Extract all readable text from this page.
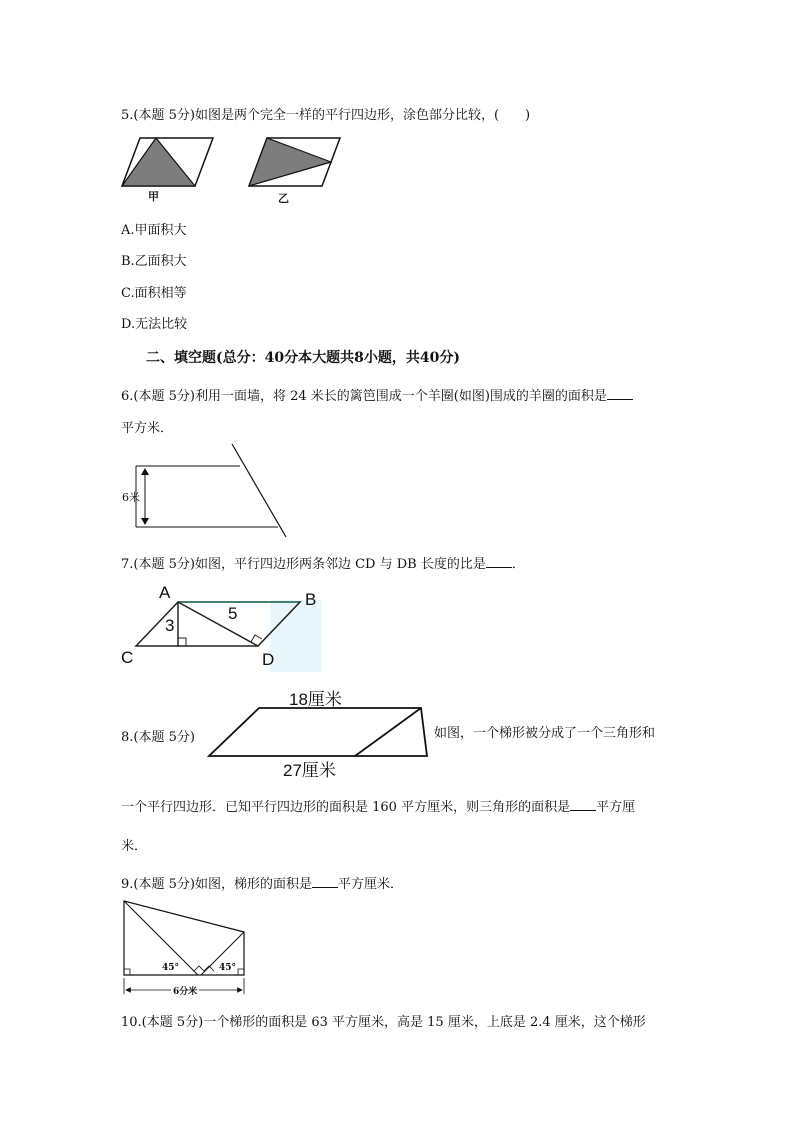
5.(本题 5分)如图是两个完全一样的平行四边形，涂色部分比较，(　　)
甲	乙
A.甲面积大
B.乙面积大
C.面积相等
D.无法比较
二、填空题(总分：40分本大题共8小题，共40分)
6.(本题 5分)利用一面墙，将 24 米长的篱笆围成一个羊圈(如图)围成的羊圈的面积是
平方米．
6米
7.(本题 5分)如图，平行四边形两条邻边 CD 与 DB 长度的比是 ．
A	B
C	D
3
5
18厘米
8.(本题 5分)	如图，一个梯形被分成了一个三角形和
27厘米
一个平行四边形．已知平行四边形的面积是 160 平方厘米，则三角形的面积是 平方厘
米．
9.(本题 5分)如图，梯形的面积是 平方厘米．
45°	45°
6分米
10.(本题 5分)一个梯形的面积是 63 平方厘米，高是 15 厘米，上底是 2.4 厘米，这个梯形
